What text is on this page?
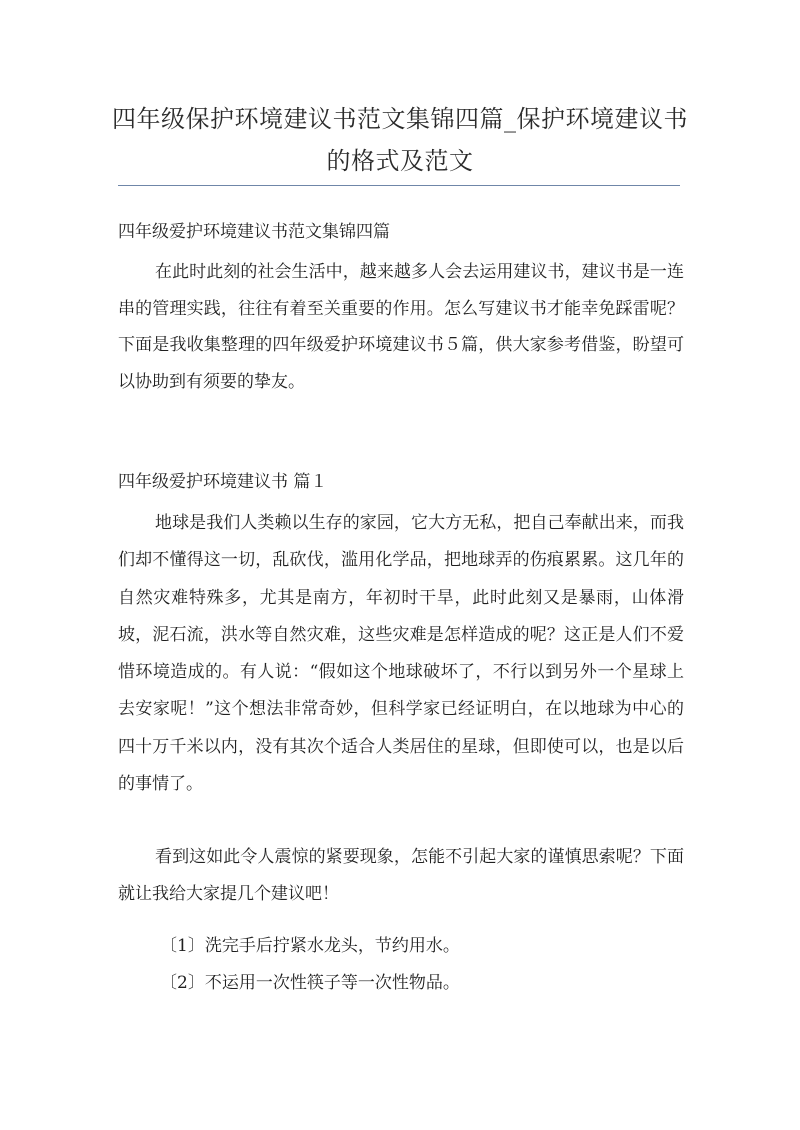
四年级保护环境建议书范文集锦四篇_保护环境建议书的格式及范文
四年级爱护环境建议书范文集锦四篇
在此时此刻的社会生活中，越来越多人会去运用建议书，建议书是一连串的管理实践，往往有着至关重要的作用。怎么写建议书才能幸免踩雷呢？下面是我收集整理的四年级爱护环境建议书５篇，供大家参考借鉴，盼望可以协助到有须要的挚友。
四年级爱护环境建议书 篇１
地球是我们人类赖以生存的家园，它大方无私，把自己奉献出来，而我们却不懂得这一切，乱砍伐，滥用化学品，把地球弄的伤痕累累。这几年的自然灾难特殊多，尤其是南方，年初时干旱，此时此刻又是暴雨，山体滑坡，泥石流，洪水等自然灾难，这些灾难是怎样造成的呢？这正是人们不爱惜环境造成的。有人说：“假如这个地球破坏了，不行以到另外一个星球上去安家呢！”这个想法非常奇妙，但科学家已经证明白，在以地球为中心的四十万千米以内，没有其次个适合人类居住的星球，但即使可以，也是以后的事情了。
看到这如此令人震惊的紧要现象，怎能不引起大家的谨慎思索呢？下面就让我给大家提几个建议吧！
〔1〕洗完手后拧紧水龙头，节约用水。
〔2〕不运用一次性筷子等一次性物品。
